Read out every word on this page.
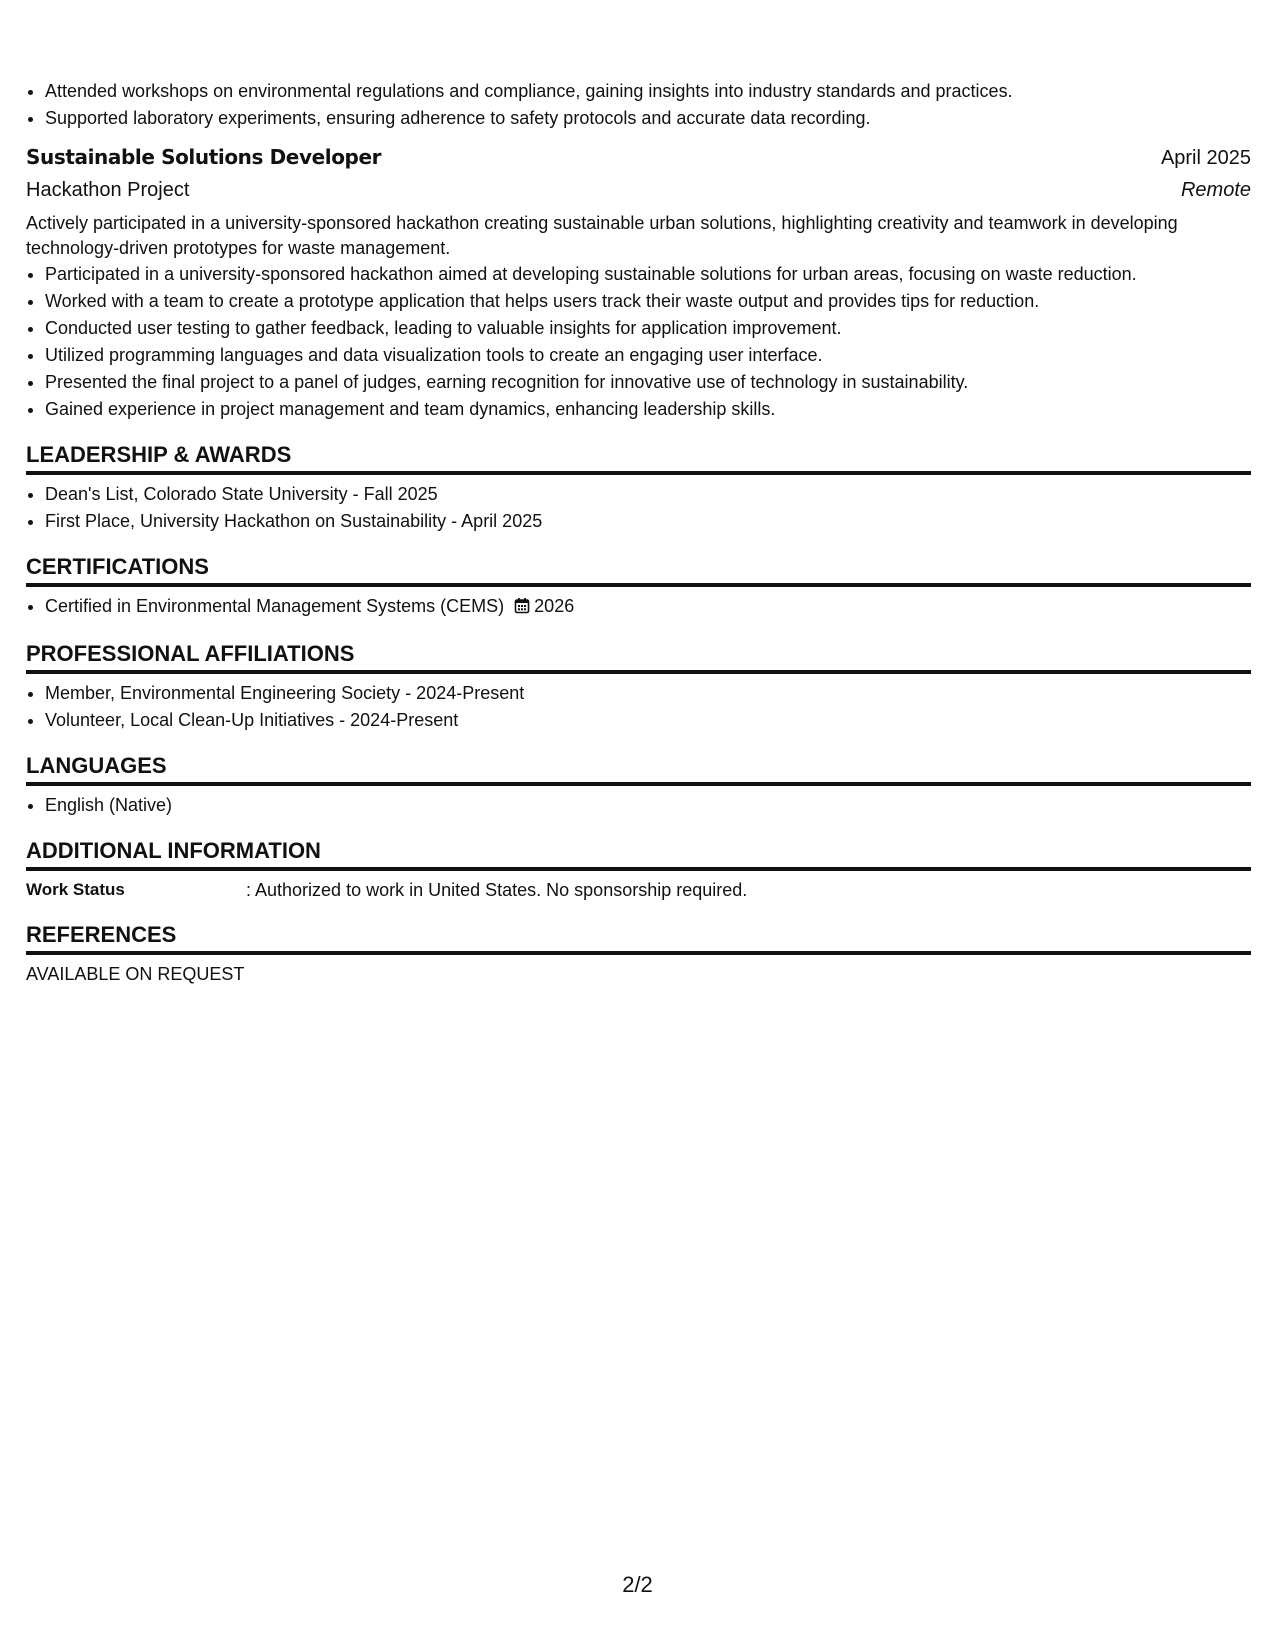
• Attended workshops on environmental regulations and compliance, gaining insights into industry standards and practices.
• Supported laboratory experiments, ensuring adherence to safety protocols and accurate data recording.
Sustainable Solutions Developer	April 2025
Hackathon Project	Remote
Actively participated in a university-sponsored hackathon creating sustainable urban solutions, highlighting creativity and teamwork in developing technology-driven prototypes for waste management.
• Participated in a university-sponsored hackathon aimed at developing sustainable solutions for urban areas, focusing on waste reduction.
• Worked with a team to create a prototype application that helps users track their waste output and provides tips for reduction.
• Conducted user testing to gather feedback, leading to valuable insights for application improvement.
• Utilized programming languages and data visualization tools to create an engaging user interface.
• Presented the final project to a panel of judges, earning recognition for innovative use of technology in sustainability.
• Gained experience in project management and team dynamics, enhancing leadership skills.
LEADERSHIP & AWARDS
• Dean's List, Colorado State University - Fall 2025
• First Place, University Hackathon on Sustainability - April 2025
CERTIFICATIONS
• Certified in Environmental Management Systems (CEMS) 2026
PROFESSIONAL AFFILIATIONS
• Member, Environmental Engineering Society - 2024-Present
• Volunteer, Local Clean-Up Initiatives - 2024-Present
LANGUAGES
• English (Native)
ADDITIONAL INFORMATION
Work Status	: Authorized to work in United States. No sponsorship required.
REFERENCES
AVAILABLE ON REQUEST
2/2
